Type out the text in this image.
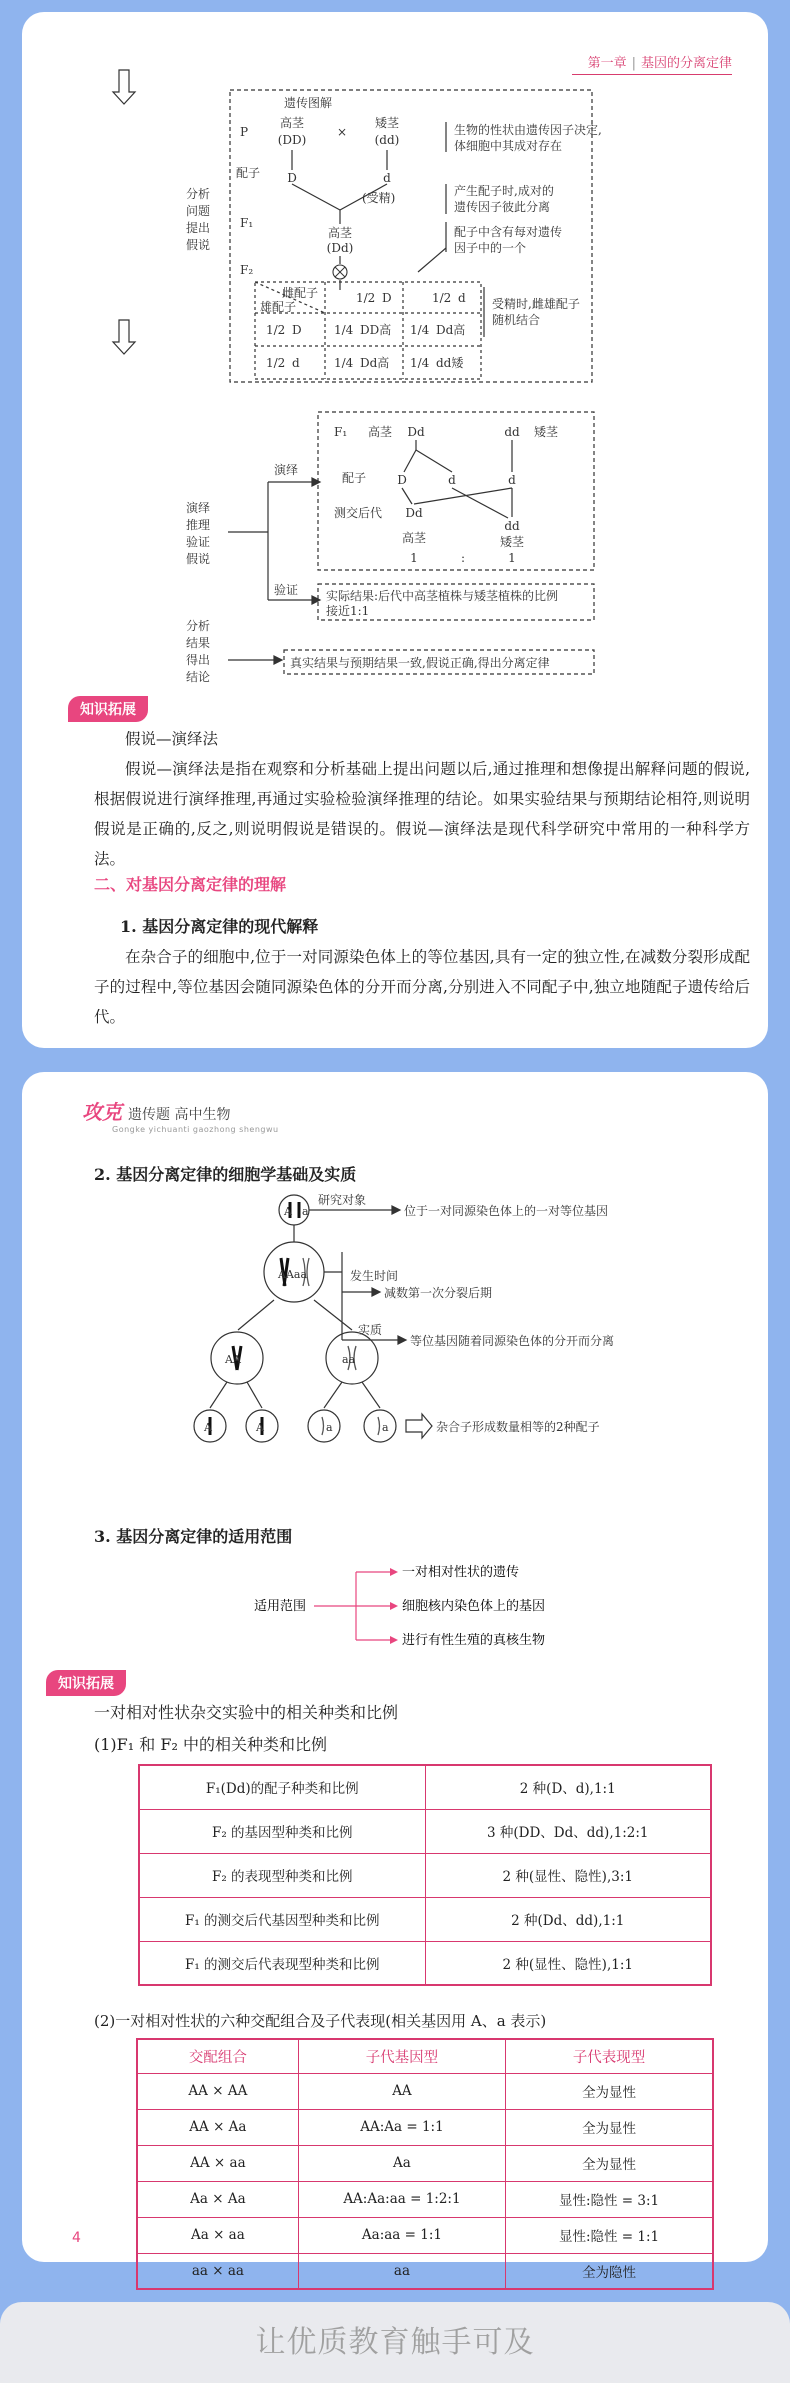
第一章 | 基因的分离定律
分析
问题
提出
假说
演绎
推理
验证
假说
分析
结果
得出
结论
遗传图解
P
高茎
(DD)
×
矮茎
(dd)
配子 D	d
(受精)
F₁
高茎
(Dd)
F₂
雌配子
雄配子
1/2 D	1/2 d
1/2 D	1/4 DD高 1/4 Dd高
1/2 d	1/4 Dd高 1/4 dd矮
生物的性状由遗传因子决定,
体细胞中其成对存在
产生配子时,成对的
遗传因子彼此分离
配子中含有每对遗传
因子中的一个
受精时,雌雄配子
随机结合
演绎
F₁ 高茎 Dd	dd 矮茎
配子	D	d	d
测交后代 Dd
dd
高茎	矮茎
1	:	1
验证 实际结果:后代中高茎植株与矮茎植株的比例
接近1:1
真实结果与预期结果一致,假说正确,得出分离定律
知识拓展
假说—演绎法
假说—演绎法是指在观察和分析基础上提出问题以后,通过推理和想像提出解释问题的假说,根据假说进行演绎推理,再通过实验检验演绎推理的结论。如果实验结果与预期结论相符,则说明假说是正确的,反之,则说明假说是错误的。假说—演绎法是现代科学研究中常用的一种科学方法。
二、对基因分离定律的理解
1. 基因分离定律的现代解释
在杂合子的细胞中,位于一对同源染色体上的等位基因,具有一定的独立性,在减数分裂形成配子的过程中,等位基因会随同源染色体的分开而分离,分别进入不同配子中,独立地随配子遗传给后代。
攻克 遗传题 高中生物
Gongke yichuanti gaozhong shengwu
2. 基因分离定律的细胞学基础及实质
A a
AAaa
AA	aa
A	A	a	a
研究对象
位于一对同源染色体上的一对等位基因
发生时间
减数第一次分裂后期
实质
等位基因随着同源染色体的分开而分离
杂合子形成数量相等的2种配子
3. 基因分离定律的适用范围
适用范围
一对相对性状的遗传
细胞核内染色体上的基因
进行有性生殖的真核生物
知识拓展
一对相对性状杂交实验中的相关种类和比例
(1)F₁ 和 F₂ 中的相关种类和比例
F₁(Dd)的配子种类和比例	2 种(D、d),1:1
F₂ 的基因型种类和比例	3 种(DD、Dd、dd),1:2:1
F₂ 的表现型种类和比例	2 种(显性、隐性),3:1
F₁ 的测交后代基因型种类和比例	2 种(Dd、dd),1:1
F₁ 的测交后代表现型种类和比例	2 种(显性、隐性),1:1
(2)一对相对性状的六种交配组合及子代表现(相关基因用 A、a 表示)
交配组合	子代基因型	子代表现型
AA × AA	AA	全为显性
AA × Aa	AA:Aa = 1:1	全为显性
AA × aa	Aa	全为显性
Aa × Aa	AA:Aa:aa = 1:2:1	显性:隐性 = 3:1
Aa × aa	Aa:aa = 1:1	显性:隐性 = 1:1
aa × aa	aa	全为隐性
4
让优质教育触手可及
